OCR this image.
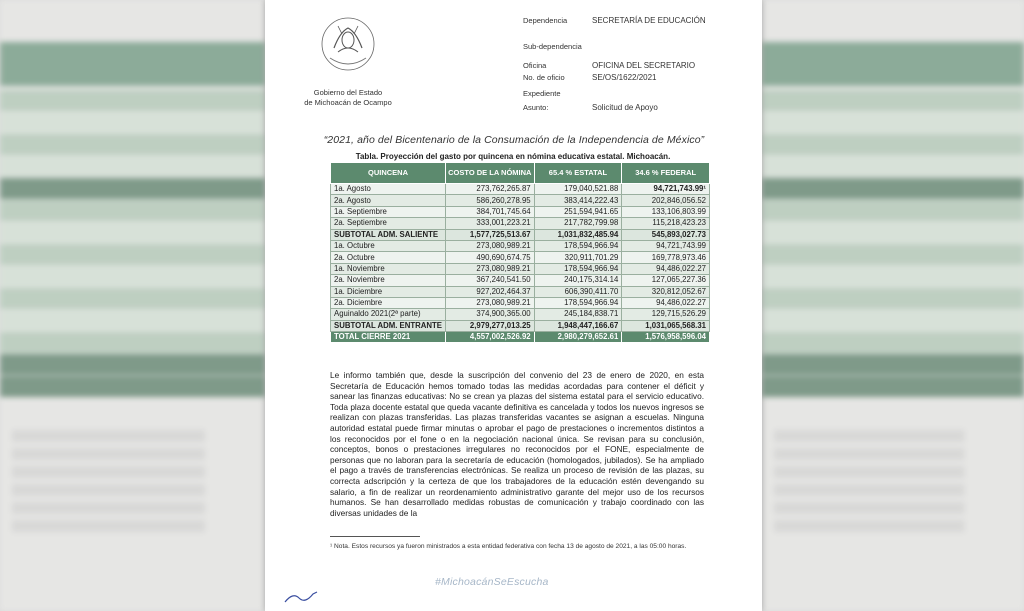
Gobierno del Estado
de Michoacán de Ocampo
Dependencia	SECRETARÍA DE EDUCACIÓN
Sub-dependencia
Oficina	OFICINA DEL SECRETARIO
No. de oficio	SE/OS/1622/2021
Expediente
Asunto:	Solicitud de Apoyo
“2021, año del Bicentenario de la Consumación de la Independencia de México”
Tabla. Proyección del gasto por quincena en nómina educativa estatal. Michoacán.
QUINCENA	COSTO DE LA NÓMINA	65.4 % ESTATAL	34.6 % FEDERAL
1a. Agosto	273,762,265.87	179,040,521.88	94,721,743.99¹
2a. Agosto	586,260,278.95	383,414,222.43	202,846,056.52
1a. Septiembre	384,701,745.64	251,594,941.65	133,106,803.99
2a. Septiembre	333,001,223.21	217,782,799.98	115,218,423.23
SUBTOTAL ADM. SALIENTE	1,577,725,513.67	1,031,832,485.94	545,893,027.73
1a. Octubre	273,080,989.21	178,594,966.94	94,721,743.99
2a. Octubre	490,690,674.75	320,911,701.29	169,778,973.46
1a. Noviembre	273,080,989.21	178,594,966.94	94,486,022.27
2a. Noviembre	367,240,541.50	240,175,314.14	127,065,227.36
1a. Diciembre	927,202,464.37	606,390,411.70	320,812,052.67
2a. Diciembre	273,080,989.21	178,594,966.94	94,486,022.27
Aguinaldo 2021(2ª parte)	374,900,365.00	245,184,838.71	129,715,526.29
SUBTOTAL ADM. ENTRANTE	2,979,277,013.25	1,948,447,166.67	1,031,065,568.31
TOTAL CIERRE 2021	4,557,002,526.92	2,980,279,652.61	1,576,958,596.04
Le informo también que, desde la suscripción del convenio del 23 de enero de 2020, en esta Secretaría de Educación hemos tomado todas las medidas acordadas para contener el déficit y sanear las finanzas educativas: No se crean ya plazas del sistema estatal para el servicio educativo. Toda plaza docente estatal que queda vacante definitiva es cancelada y todos los nuevos ingresos se realizan con plazas transferidas. Las plazas transferidas vacantes se asignan a escuelas. Ninguna autoridad estatal puede firmar minutas o aprobar el pago de prestaciones o incrementos distintos a los reconocidos por el fone o en la negociación nacional única. Se revisan para su conclusión, conceptos, bonos o prestaciones irregulares no reconocidos por el FONE, especialmente de personas que no laboran para la secretaría de educación (homologados, jubilados). Se ha ampliado el pago a través de transferencias electrónicas. Se realiza un proceso de revisión de las plazas, su correcta adscripción y la certeza de que los trabajadores de la educación estén devengando su salario, a fin de realizar un reordenamiento administrativo garante del mejor uso de los recursos humanos. Se han desarrollado medidas robustas de comunicación y trabajo coordinado con las diversas unidades de la
¹ Nota. Estos recursos ya fueron ministrados a esta entidad federativa con fecha 13 de agosto de 2021, a las 05:00 horas.
#MichoacánSeEscucha
